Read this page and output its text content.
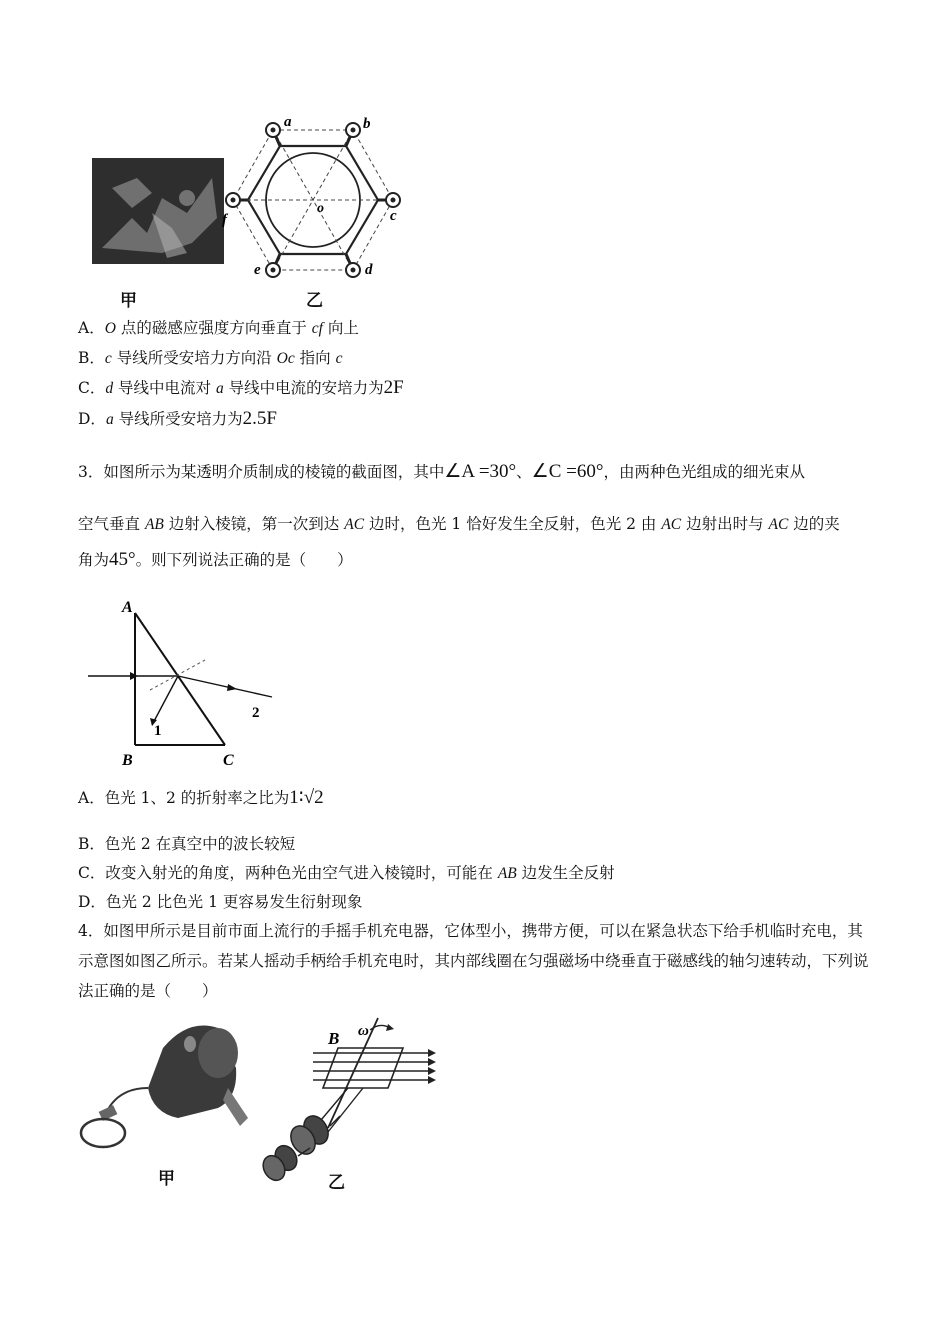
甲
a	b
c
d
e
f
o
乙
A．O 点的磁感应强度方向垂直于 cf 向上
B．c 导线所受安培力方向沿 Oc 指向 c
C．d 导线中电流对 a 导线中电流的安培力为2F
D．a 导线所受安培力为2.5F
3．如图所示为某透明介质制成的棱镜的截面图，其中∠A =30°、∠C =60°，由两种色光组成的细光束从
空气垂直 AB 边射入棱镜，第一次到达 AC 边时，色光 1 恰好发生全反射，色光 2 由 AC 边射出时与 AC 边的夹
角为45°。则下列说法正确的是（　　）
A
B	C
1
2
A．色光 1、2 的折射率之比为1∶√2
B．色光 2 在真空中的波长较短
C．改变入射光的角度，两种色光由空气进入棱镜时，可能在 AB 边发生全反射
D．色光 2 比色光 1 更容易发生衍射现象
4．如图甲所示是目前市面上流行的手摇手机充电器，它体型小，携带方便，可以在紧急状态下给手机临时充电，其示意图如图乙所示。若某人摇动手柄给手机充电时，其内部线圈在匀强磁场中绕垂直于磁感线的轴匀速转动，下列说法正确的是（　　）
甲
B ω
乙
